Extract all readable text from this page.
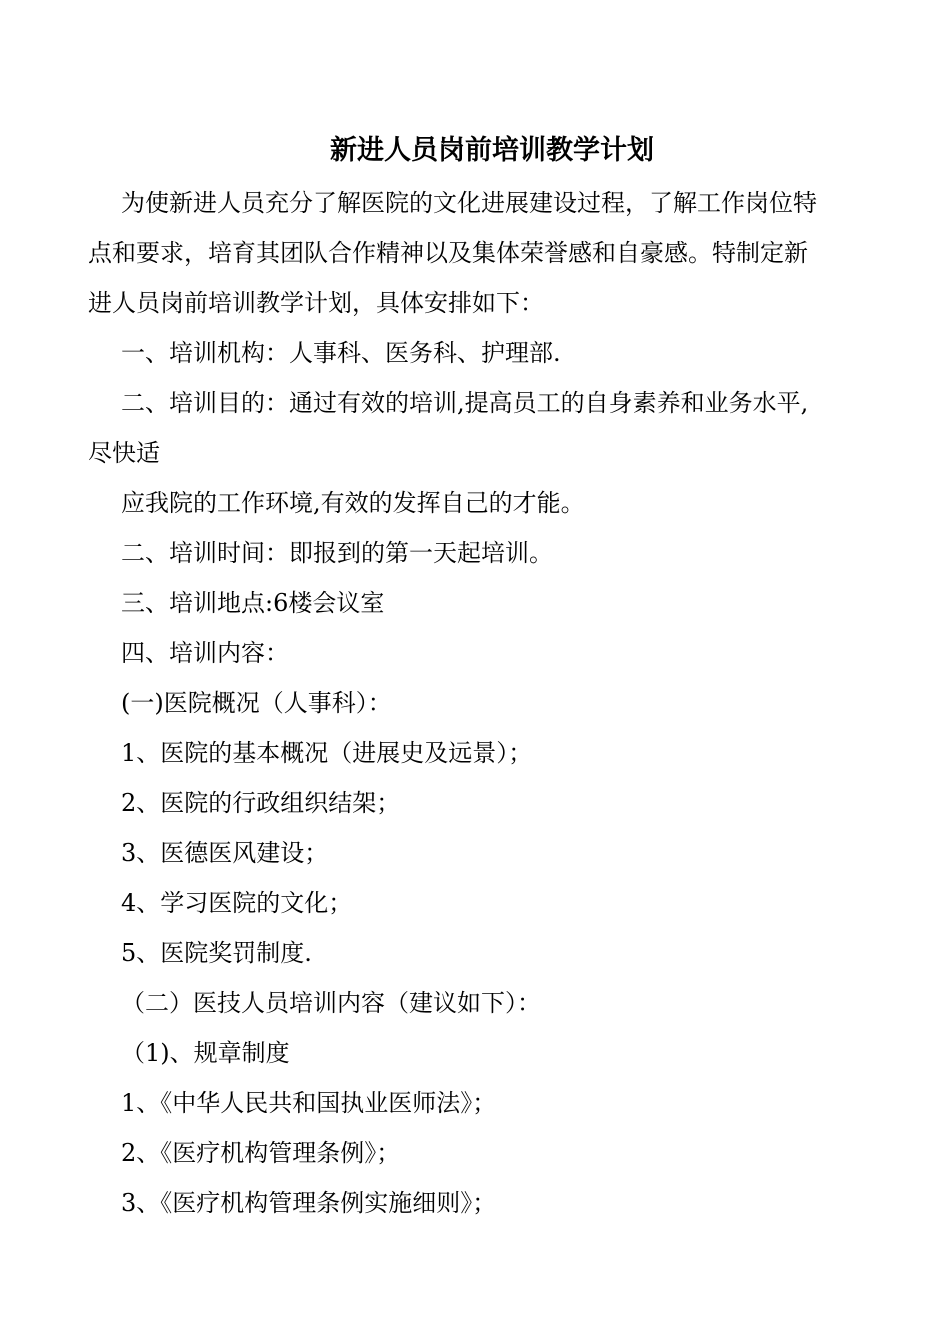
新进人员岗前培训教学计划

为使新进人员充分了解医院的文化进展建设过程，了解工作岗位特

点和要求，培育其团队合作精神以及集体荣誉感和自豪感。特制定新

进人员岗前培训教学计划，具体安排如下：

一、培训机构：人事科、医务科、护理部.

二、培训目的：通过有效的培训,提高员工的自身素养和业务水平,

尽快适

应我院的工作环境,有效的发挥自己的才能。

二、培训时间：即报到的第一天起培训。

三、培训地点:6楼会议室

四、培训内容：

(一)医院概况（人事科）：

1、医院的基本概况（进展史及远景）；

2、医院的行政组织结架；

3、医德医风建设；

4、学习医院的文化；

5、医院奖罚制度.

（二）医技人员培训内容（建议如下）：

（1)、规章制度

1、《中华人民共和国执业医师法》；

2、《医疗机构管理条例》；

3、《医疗机构管理条例实施细则》；
